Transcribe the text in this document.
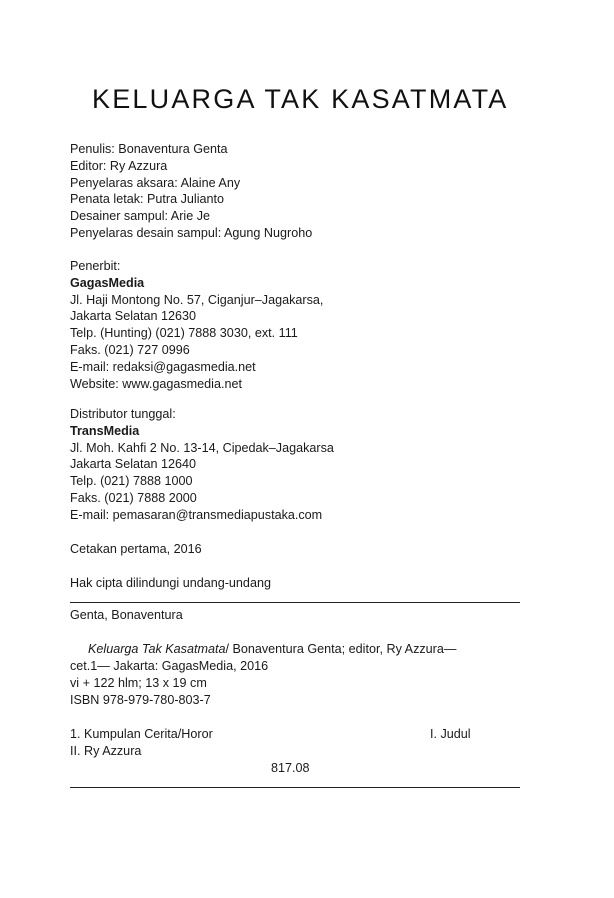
KELUARGA TAK KASATMATA
Penulis: Bonaventura Genta
Editor: Ry Azzura
Penyelaras aksara: Alaine Any
Penata letak: Putra Julianto
Desainer sampul: Arie Je
Penyelaras desain sampul: Agung Nugroho
Penerbit:
GagasMedia
Jl. Haji Montong No. 57, Ciganjur–Jagakarsa,
Jakarta Selatan 12630
Telp. (Hunting) (021) 7888 3030, ext. 111
Faks. (021) 727 0996
E-mail: redaksi@gagasmedia.net
Website: www.gagasmedia.net
Distributor tunggal:
TransMedia
Jl. Moh. Kahfi 2 No. 13-14, Cipedak–Jagakarsa
Jakarta Selatan 12640
Telp. (021) 7888 1000
Faks. (021) 7888 2000
E-mail: pemasaran@transmediapustaka.com
Cetakan pertama, 2016
Hak cipta dilindungi undang-undang
Genta, Bonaventura
Keluarga Tak Kasatmata/ Bonaventura Genta; editor, Ry Azzura—
cet.1— Jakarta: GagasMedia, 2016
vi + 122 hlm; 13 x 19 cm
ISBN 978-979-780-803-7
1. Kumpulan Cerita/Horor	I. Judul
II. Ry Azzura
817.08
